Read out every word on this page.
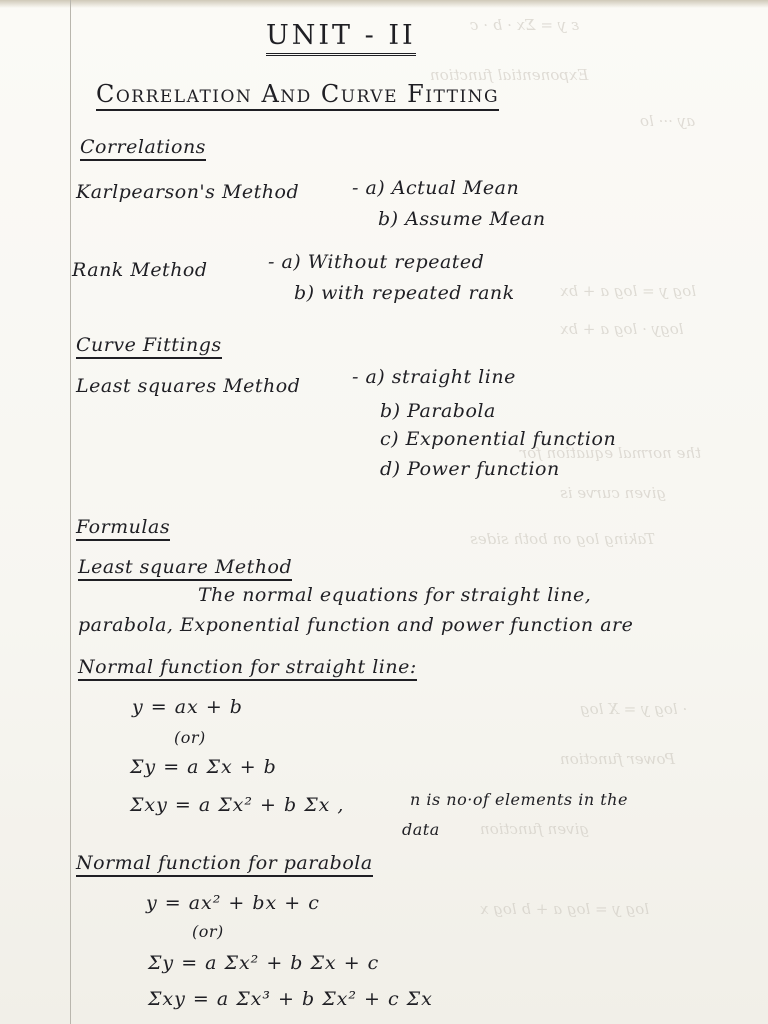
ε y = Σx · b · c
Exponential function
ay ··· lo
log y = log a + bx
logy · log a + bx
the normal equation for
given curve is
Taking log on both sides
· log y = X log
Power function
given function
log y = log a + b log x
UNIT - II
Correlation And Curve Fitting
Correlations
Karlpearson's Method	- a) Actual Mean
b) Assume Mean
Rank Method	- a) Without repeated
b) with repeated rank
Curve Fittings
Least squares Method	- a) straight line
b) Parabola
c) Exponential function
d) Power function
Formulas
Least square Method
The normal equations for straight line,
parabola, Exponential function and power function are
Normal function for straight line:
y = ax + b
(or)
Σy = a Σx + b
Σxy = a Σx² + b Σx ,	n is no·of elements in the
data
Normal function for parabola
y = ax² + bx + c
(or)
Σy = a Σx² + b Σx + c
Σxy = a Σx³ + b Σx² + c Σx
